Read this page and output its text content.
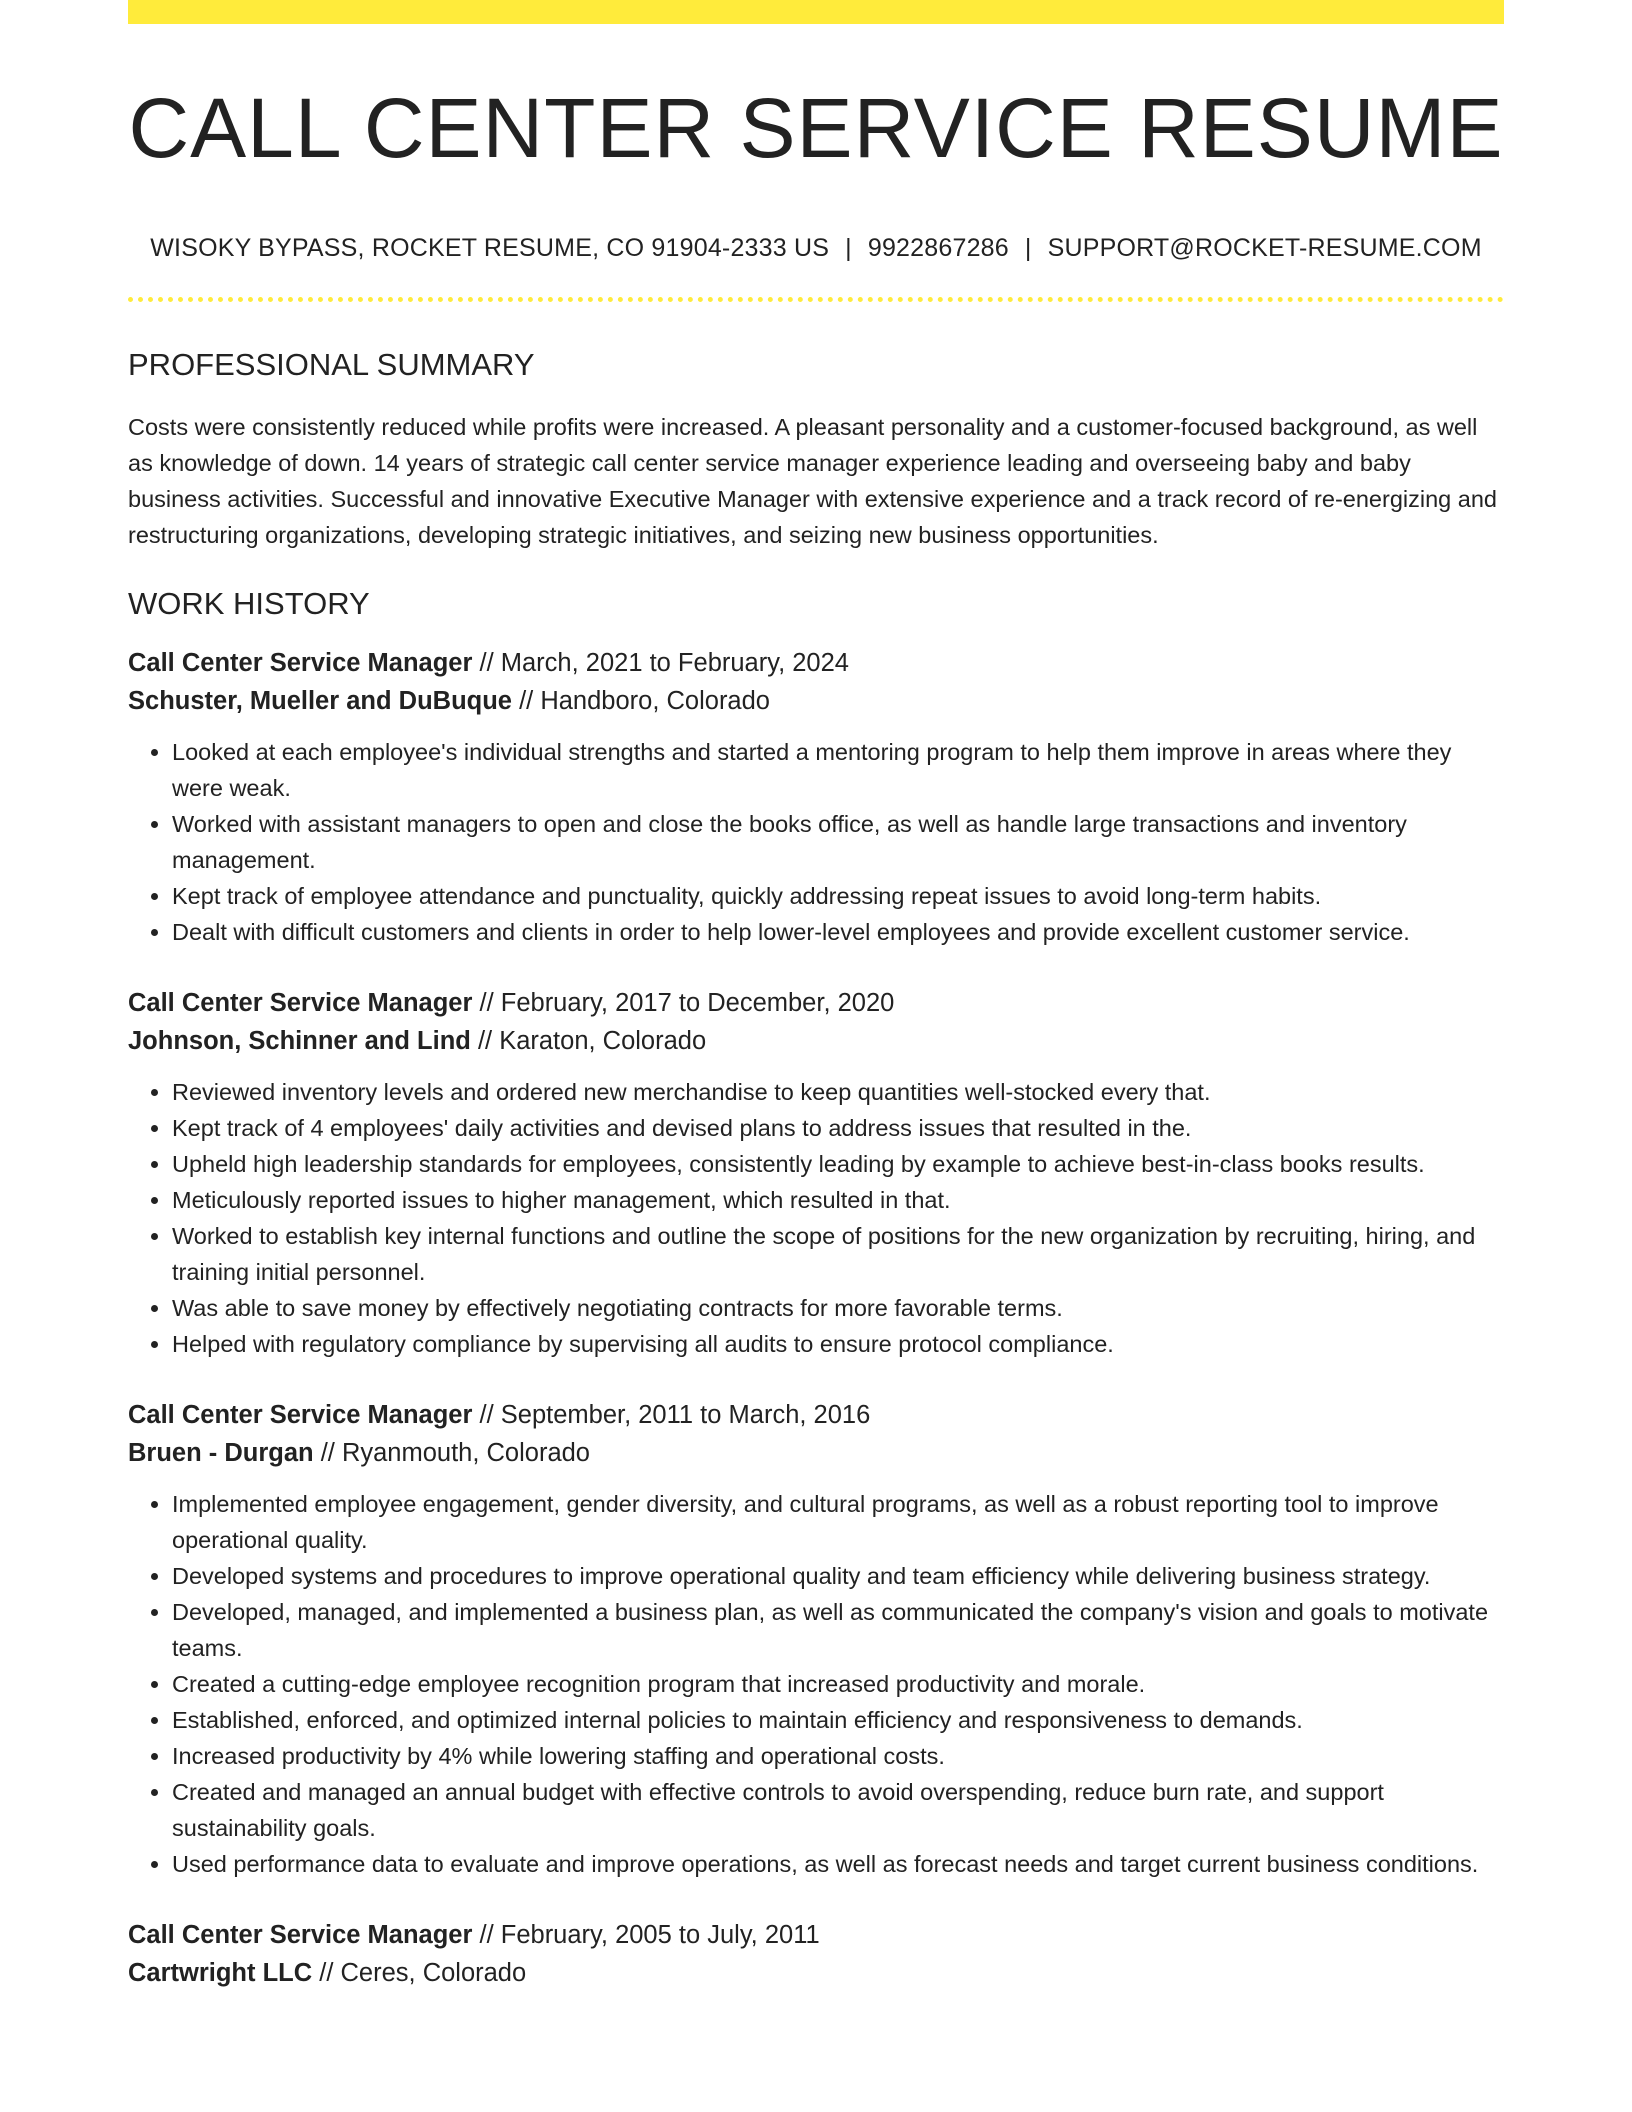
CALL CENTER SERVICE RESUME
WISOKY BYPASS, ROCKET RESUME, CO 91904-2333 US | 9922867286 | SUPPORT@ROCKET-RESUME.COM
PROFESSIONAL SUMMARY

Costs were consistently reduced while profits were increased. A pleasant personality and a customer-focused background, as well as knowledge of down. 14 years of strategic call center service manager experience leading and overseeing baby and baby business activities. Successful and innovative Executive Manager with extensive experience and a track record of re-energizing and restructuring organizations, developing strategic initiatives, and seizing new business opportunities.

WORK HISTORY
Call Center Service Manager // March, 2021 to February, 2024
Schuster, Mueller and DuBuque // Handboro, Colorado
• Looked at each employee's individual strengths and started a mentoring program to help them improve in areas where they were weak.
• Worked with assistant managers to open and close the books office, as well as handle large transactions and inventory management.
• Kept track of employee attendance and punctuality, quickly addressing repeat issues to avoid long-term habits.
• Dealt with difficult customers and clients in order to help lower-level employees and provide excellent customer service.
Call Center Service Manager // February, 2017 to December, 2020
Johnson, Schinner and Lind // Karaton, Colorado
• Reviewed inventory levels and ordered new merchandise to keep quantities well-stocked every that.
• Kept track of 4 employees' daily activities and devised plans to address issues that resulted in the.
• Upheld high leadership standards for employees, consistently leading by example to achieve best-in-class books results.
• Meticulously reported issues to higher management, which resulted in that.
• Worked to establish key internal functions and outline the scope of positions for the new organization by recruiting, hiring, and training initial personnel.
• Was able to save money by effectively negotiating contracts for more favorable terms.
• Helped with regulatory compliance by supervising all audits to ensure protocol compliance.
Call Center Service Manager // September, 2011 to March, 2016
Bruen - Durgan // Ryanmouth, Colorado
• Implemented employee engagement, gender diversity, and cultural programs, as well as a robust reporting tool to improve operational quality.
• Developed systems and procedures to improve operational quality and team efficiency while delivering business strategy.
• Developed, managed, and implemented a business plan, as well as communicated the company's vision and goals to motivate teams.
• Created a cutting-edge employee recognition program that increased productivity and morale.
• Established, enforced, and optimized internal policies to maintain efficiency and responsiveness to demands.
• Increased productivity by 4% while lowering staffing and operational costs.
• Created and managed an annual budget with effective controls to avoid overspending, reduce burn rate, and support sustainability goals.
• Used performance data to evaluate and improve operations, as well as forecast needs and target current business conditions.
Call Center Service Manager // February, 2005 to July, 2011
Cartwright LLC // Ceres, Colorado
